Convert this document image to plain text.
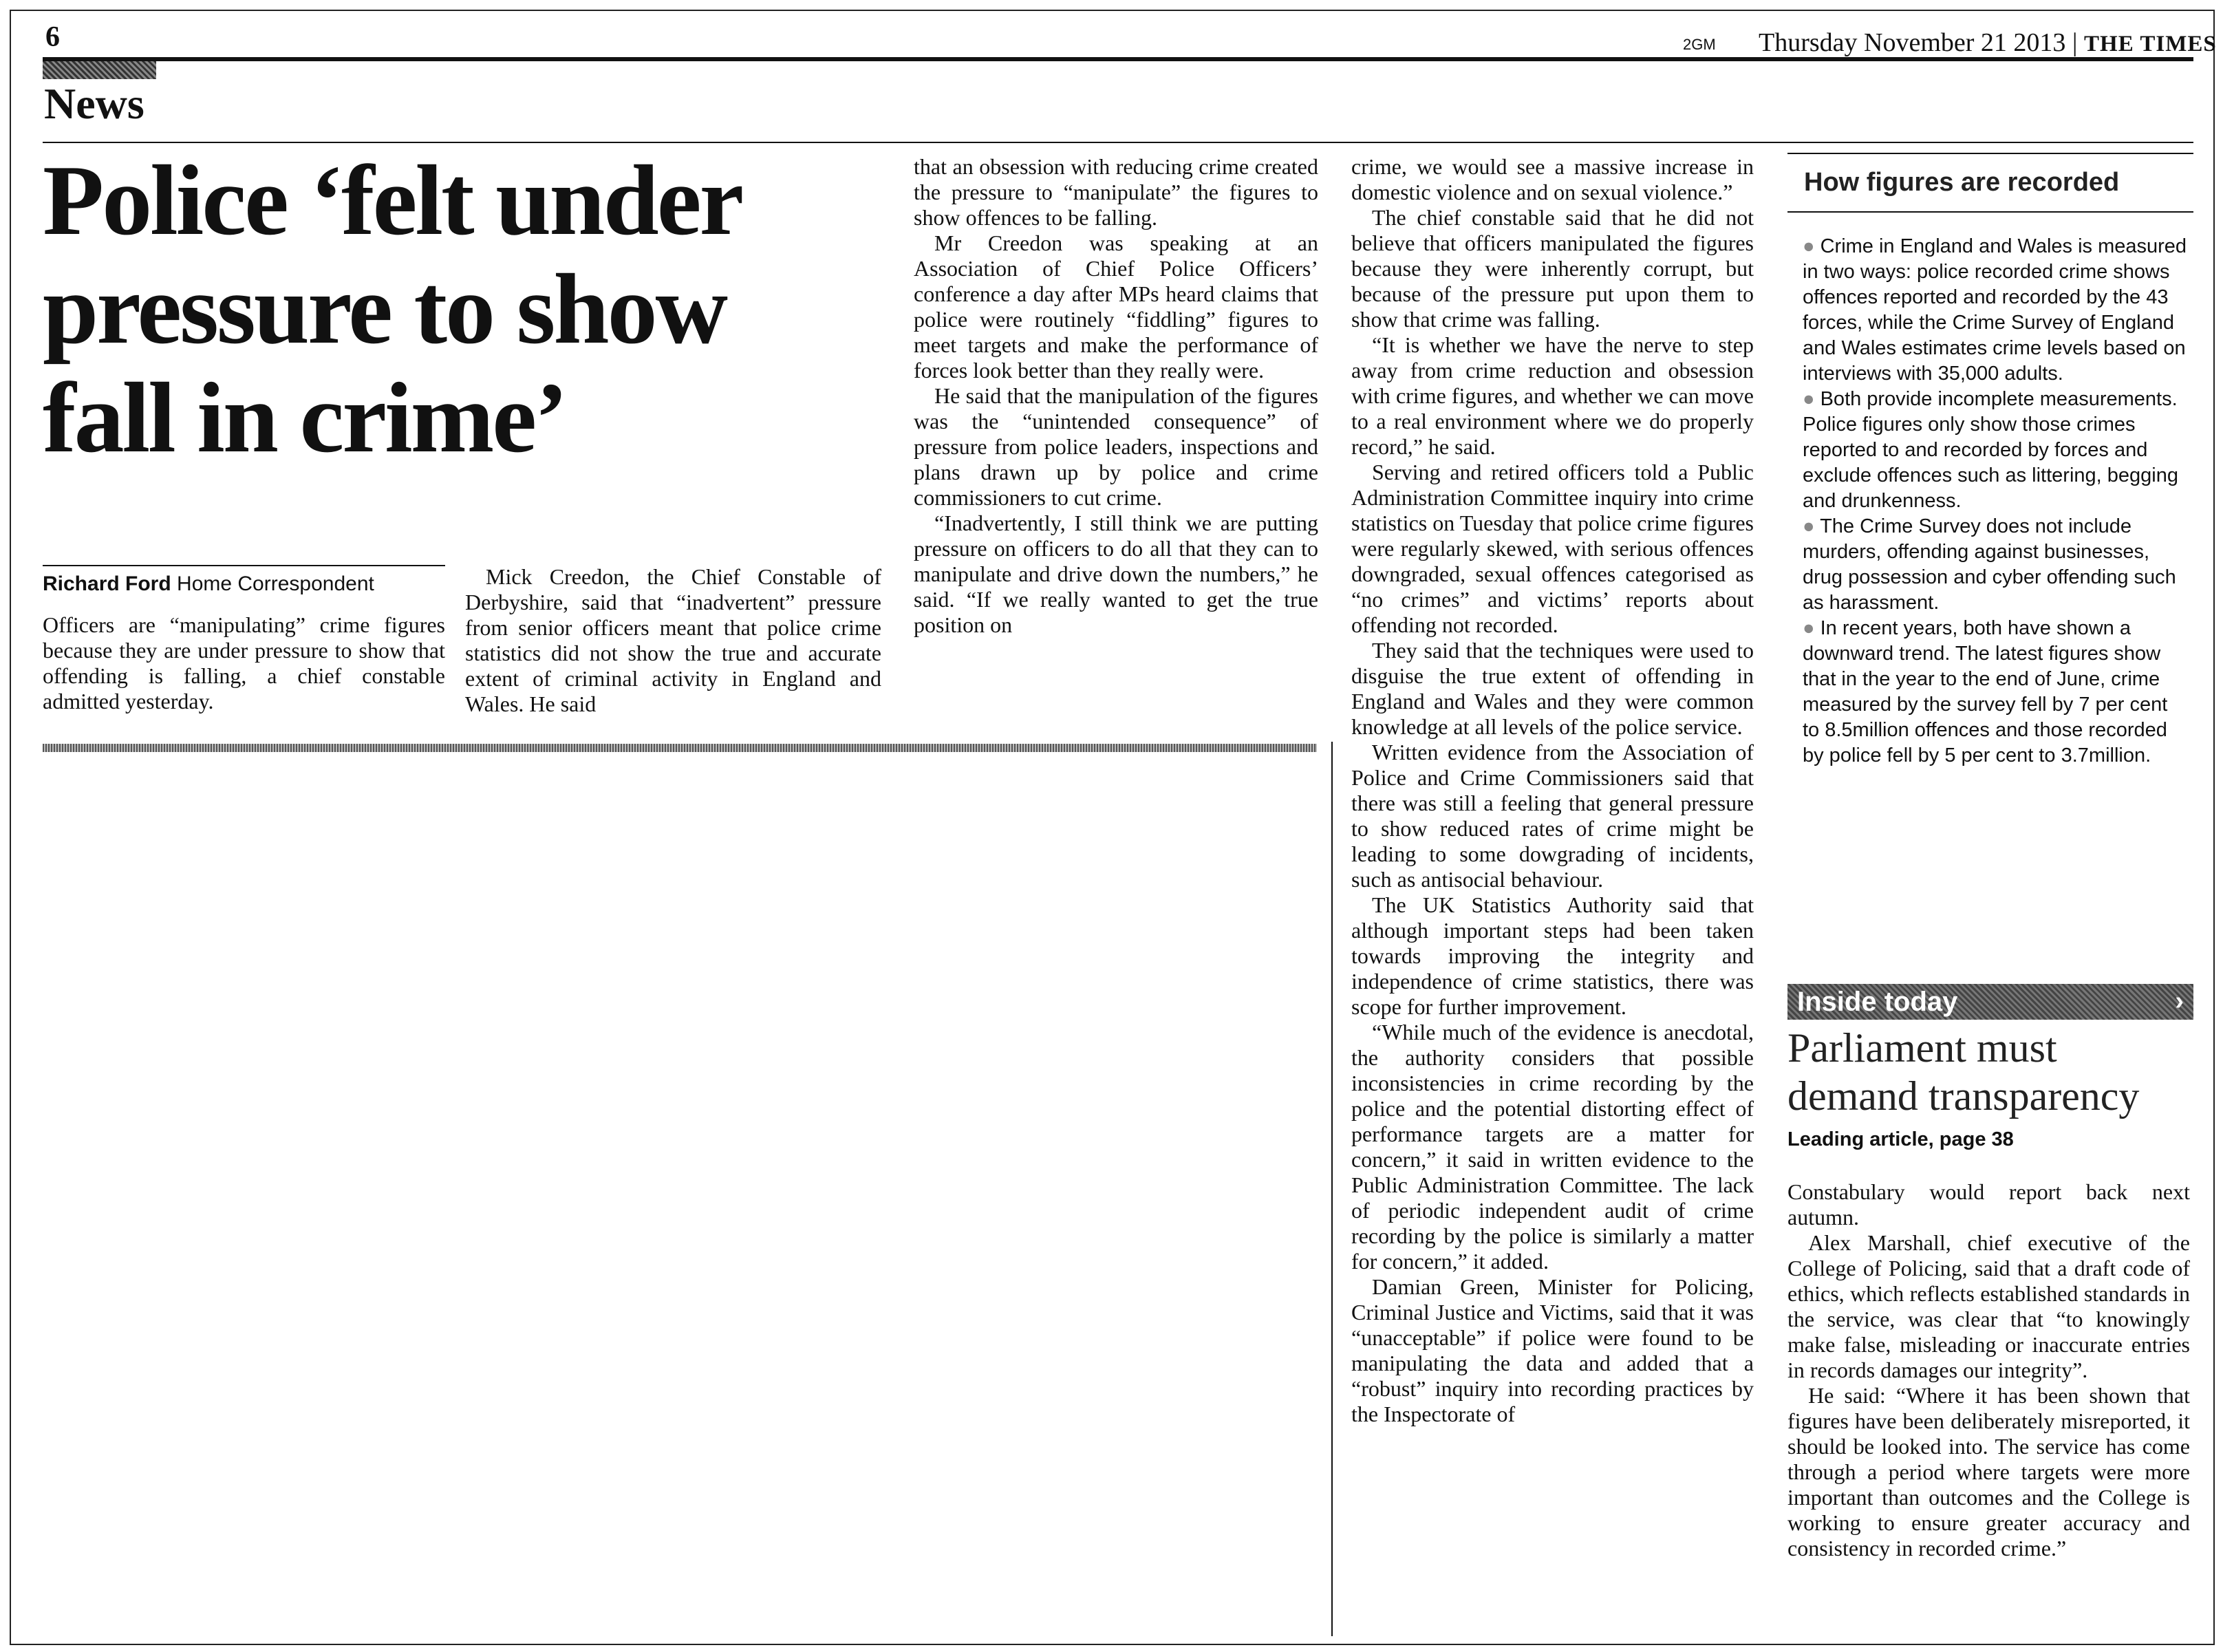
6	2GM Thursday November 21 2013 | THE TIMES
News
Police ‘felt under
pressure to show
fall in crime’
Richard Ford Home Correspondent

Officers are “manipulating” crime figures because they are under pressure to show that offending is falling, a chief constable admitted yesterday.

Mick Creedon, the Chief Constable of Derbyshire, said that “inadvertent” pressure from senior officers meant that police crime statistics did not show the true and accurate extent of criminal activity in England and Wales. He said

that an obsession with reducing crime created the pressure to “manipulate” the figures to show offences to be falling.

Mr Creedon was speaking at an Association of Chief Police Officers’ conference a day after MPs heard claims that police were routinely “fiddling” figures to meet targets and make the performance of forces look better than they really were.

He said that the manipulation of the figures was the “unintended consequence” of pressure from police leaders, inspections and plans drawn up by police and crime commissioners to cut crime.

“Inadvertently, I still think we are putting pressure on officers to do all that they can to manipulate and drive down the numbers,” he said. “If we really wanted to get the true position on

crime, we would see a massive increase in domestic violence and on sexual violence.”

The chief constable said that he did not believe that officers manipulated the figures because they were inherently corrupt, but because of the pressure put upon them to show that crime was falling.

“It is whether we have the nerve to step away from crime reduction and obsession with crime figures, and whether we can move to a real environment where we do properly record,” he said.

Serving and retired officers told a Public Administration Committee inquiry into crime statistics on Tuesday that police crime figures were regularly skewed, with serious offences downgraded, sexual offences categorised as “no crimes” and victims’ reports about offending not recorded.

They said that the techniques were used to disguise the true extent of offending in England and Wales and they were common knowledge at all levels of the police service.

Written evidence from the Association of Police and Crime Commissioners said that there was still a feeling that general pressure to show reduced rates of crime might be leading to some dowgrading of incidents, such as antisocial behaviour.

The UK Statistics Authority said that although important steps had been taken towards improving the integrity and independence of crime statistics, there was scope for further improvement.

“While much of the evidence is anecdotal, the authority considers that possible inconsistencies in crime recording by the police and the potential distorting effect of performance targets are a matter for concern,” it said in written evidence to the Public Administration Committee. The lack of periodic independent audit of crime recording by the police is similarly a matter for concern,” it added.

Damian Green, Minister for Policing, Criminal Justice and Victims, said that it was “unacceptable” if police were found to be manipulating the data and added that a “robust” inquiry into recording practices by the Inspectorate of

How figures are recorded
● Crime in England and Wales is measured in two ways: police recorded crime shows offences reported and recorded by the 43 forces, while the Crime Survey of England and Wales estimates crime levels based on interviews with 35,000 adults.
● Both provide incomplete measurements. Police figures only show those crimes reported to and recorded by forces and exclude offences such as littering, begging and drunkenness.
● The Crime Survey does not include murders, offending against businesses, drug possession and cyber offending such as harassment.
● In recent years, both have shown a downward trend. The latest figures show that in the year to the end of June, crime measured by the survey fell by 7 per cent to 8.5million offences and those recorded by police fell by 5 per cent to 3.7million.
Inside today	›
Parliament must
demand transparency
Leading article, page 38

Constabulary would report back next autumn.

Alex Marshall, chief executive of the College of Policing, said that a draft code of ethics, which reflects established standards in the service, was clear that “to knowingly make false, misleading or inaccurate entries in records damages our integrity”.

He said: “Where it has been shown that figures have been deliberately misreported, it should be looked into. The service has come through a period where targets were more important than outcomes and the College is working to ensure greater accuracy and consistency in recorded crime.”
